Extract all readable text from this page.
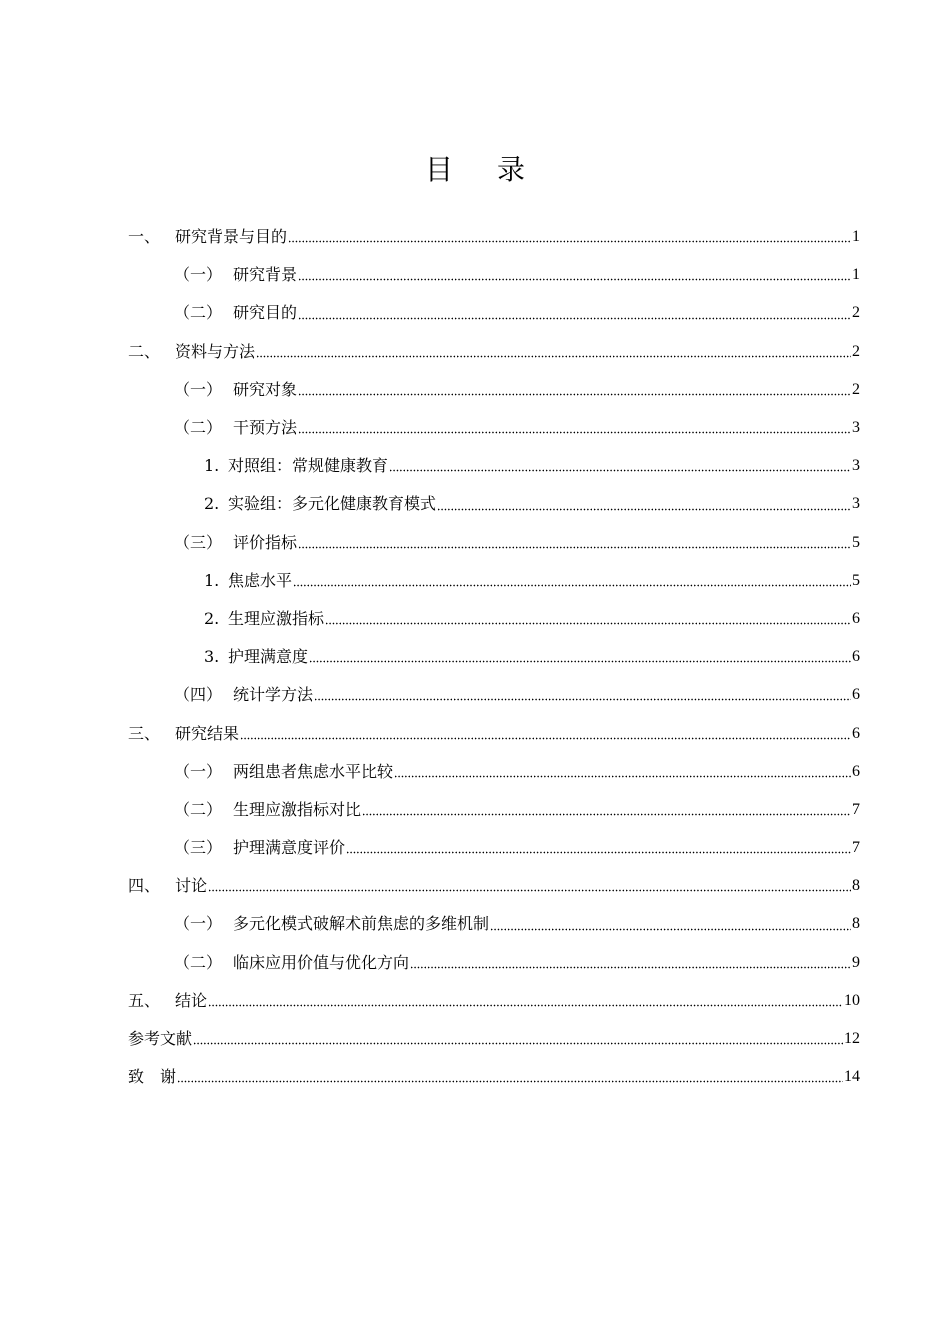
目 录
一、 研究背景与目的	1
（一） 研究背景	1
（二） 研究目的	2
二、 资料与方法	2
（一） 研究对象	2
（二） 干预方法	3
1. 对照组：常规健康教育	3
2. 实验组：多元化健康教育模式	3
（三） 评价指标	5
1. 焦虑水平	5
2. 生理应激指标	6
3. 护理满意度	6
（四） 统计学方法	6
三、 研究结果	6
（一） 两组患者焦虑水平比较	6
（二） 生理应激指标对比	7
（三） 护理满意度评价	7
四、 讨论	8
（一） 多元化模式破解术前焦虑的多维机制	8
（二） 临床应用价值与优化方向	9
五、 结论	10
参考文献	12
致　谢	14
